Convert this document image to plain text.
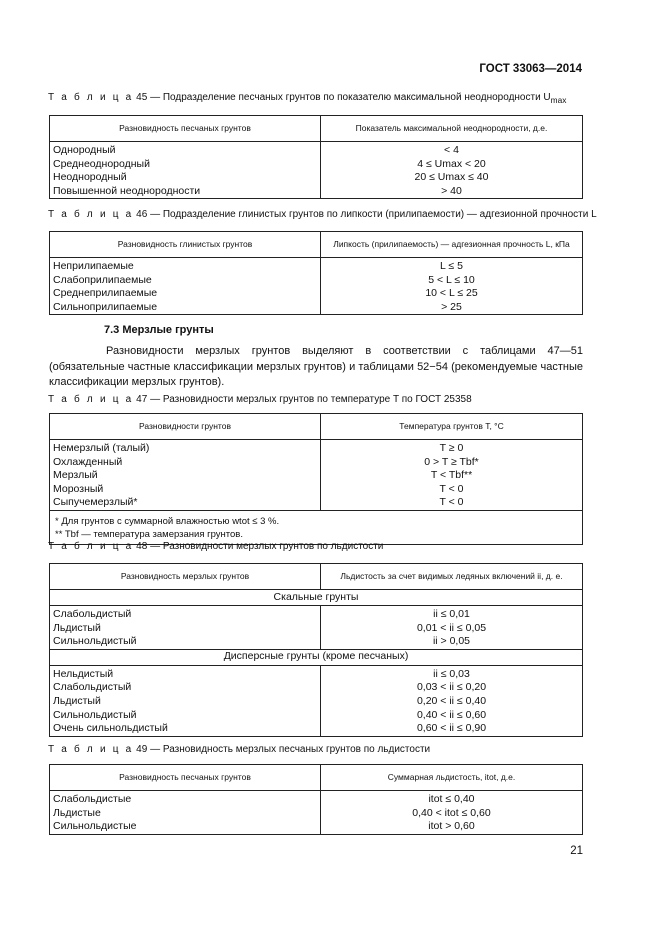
ГОСТ 33063—2014
Т а б л и ц а 45 — Подразделение песчаных грунтов по показателю максимальной неоднородности $U_{max}$
Разновидность песчаных грунтов	Показатель максимальной неоднородности, д.е.
Однородный	< 4
Среднеоднородный	4 ≤ Umax < 20
Неоднородный	20 ≤ Umax ≤ 40
Повышенной неоднородности	> 40
Т а б л и ц а 46 — Подразделение глинистых грунтов по липкости (прилипаемости) — адгезионной прочности L
Разновидность глинистых грунтов	Липкость (прилипаемость) — адгезионная прочность L, кПа
Неприлипаемые	L ≤ 5
Слабоприлипаемые	5 < L ≤ 10
Среднеприлипаемые	10 < L ≤ 25
Сильноприлипаемые	> 25
7.3 Мерзлые грунты
Разновидности мерзлых грунтов выделяют в соответствии с таблицами 47—51 (обязательные частные классификации мерзлых грунтов) и таблицами 52−54 (рекомендуемые частные классификации мерзлых грунтов).
Т а б л и ц а 47 — Разновидности мерзлых грунтов по температуре T по ГОСТ 25358
Разновидности грунтов	Температура грунтов T, °C
Немерзлый (талый)	T ≥ 0
Охлажденный	0 > T ≥ Tbf*
Мерзлый	T < Tbf**
Морозный	T < 0
Сыпучемерзлый*	T < 0

* Для грунтов с суммарной влажностью wtot ≤ 3 %.
** Tbf — температура замерзания грунтов.	
Т а б л и ц а 48 — Разновидности мерзлых грунтов по льдистости
Разновидность мерзлых грунтов	Льдистость за счет видимых ледяных включений ii, д. е.
Скальные грунты	
Слабольдистый	ii ≤ 0,01
Льдистый	0,01 < ii ≤ 0,05
Сильнольдистый	ii > 0,05
Дисперсные грунты (кроме песчаных)	
Нельдистый	ii ≤ 0,03
Слабольдистый	0,03 < ii ≤ 0,20
Льдистый	0,20 < ii ≤ 0,40
Сильнольдистый	0,40 < ii ≤ 0,60
Очень сильнольдистый	0,60 < ii ≤ 0,90
Т а б л и ц а 49 — Разновидность мерзлых песчаных грунтов по льдистости
Разновидность песчаных грунтов	Суммарная льдистость, itot, д.е.
Слабольдистые	itot ≤ 0,40
Льдистые	0,40 < itot ≤ 0,60
Сильнольдистые	itot > 0,60
21
